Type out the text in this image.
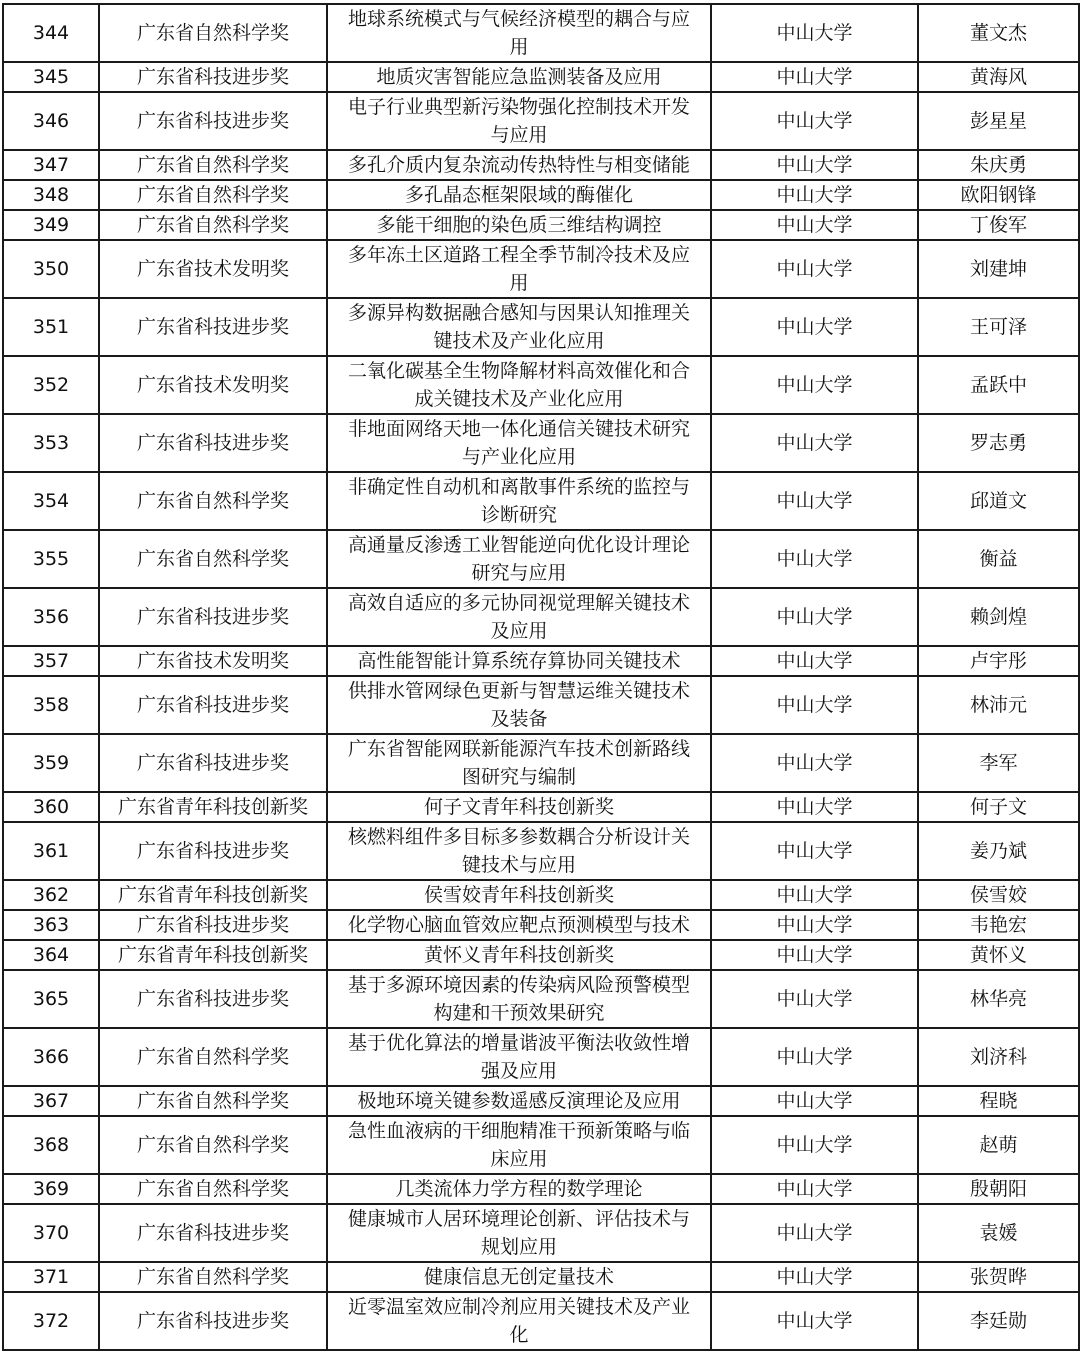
344	广东省自然科学奖	地球系统模式与气候经济模型的耦合与应用	中山大学	董文杰
345	广东省科技进步奖	地质灾害智能应急监测装备及应用	中山大学	黄海风
346	广东省科技进步奖	电子行业典型新污染物强化控制技术开发与应用	中山大学	彭星星
347	广东省自然科学奖	多孔介质内复杂流动传热特性与相变储能	中山大学	朱庆勇
348	广东省自然科学奖	多孔晶态框架限域的酶催化	中山大学	欧阳钢锋
349	广东省自然科学奖	多能干细胞的染色质三维结构调控	中山大学	丁俊军
350	广东省技术发明奖	多年冻土区道路工程全季节制冷技术及应用	中山大学	刘建坤
351	广东省科技进步奖	多源异构数据融合感知与因果认知推理关键技术及产业化应用	中山大学	王可泽
352	广东省技术发明奖	二氧化碳基全生物降解材料高效催化和合成关键技术及产业化应用	中山大学	孟跃中
353	广东省科技进步奖	非地面网络天地一体化通信关键技术研究与产业化应用	中山大学	罗志勇
354	广东省自然科学奖	非确定性自动机和离散事件系统的监控与诊断研究	中山大学	邱道文
355	广东省自然科学奖	高通量反渗透工业智能逆向优化设计理论研究与应用	中山大学	衡益
356	广东省科技进步奖	高效自适应的多元协同视觉理解关键技术及应用	中山大学	赖剑煌
357	广东省技术发明奖	高性能智能计算系统存算协同关键技术	中山大学	卢宇彤
358	广东省科技进步奖	供排水管网绿色更新与智慧运维关键技术及装备	中山大学	林沛元
359	广东省科技进步奖	广东省智能网联新能源汽车技术创新路线图研究与编制	中山大学	李军
360	广东省青年科技创新奖	何子文青年科技创新奖	中山大学	何子文
361	广东省科技进步奖	核燃料组件多目标多参数耦合分析设计关键技术与应用	中山大学	姜乃斌
362	广东省青年科技创新奖	侯雪姣青年科技创新奖	中山大学	侯雪姣
363	广东省科技进步奖	化学物心脑血管效应靶点预测模型与技术	中山大学	韦艳宏
364	广东省青年科技创新奖	黄怀义青年科技创新奖	中山大学	黄怀义
365	广东省科技进步奖	基于多源环境因素的传染病风险预警模型构建和干预效果研究	中山大学	林华亮
366	广东省自然科学奖	基于优化算法的增量谐波平衡法收敛性增强及应用	中山大学	刘济科
367	广东省自然科学奖	极地环境关键参数遥感反演理论及应用	中山大学	程晓
368	广东省自然科学奖	急性血液病的干细胞精准干预新策略与临床应用	中山大学	赵萌
369	广东省自然科学奖	几类流体力学方程的数学理论	中山大学	殷朝阳
370	广东省科技进步奖	健康城市人居环境理论创新、评估技术与规划应用	中山大学	袁媛
371	广东省自然科学奖	健康信息无创定量技术	中山大学	张贺晔
372	广东省科技进步奖	近零温室效应制冷剂应用关键技术及产业化	中山大学	李廷勋
